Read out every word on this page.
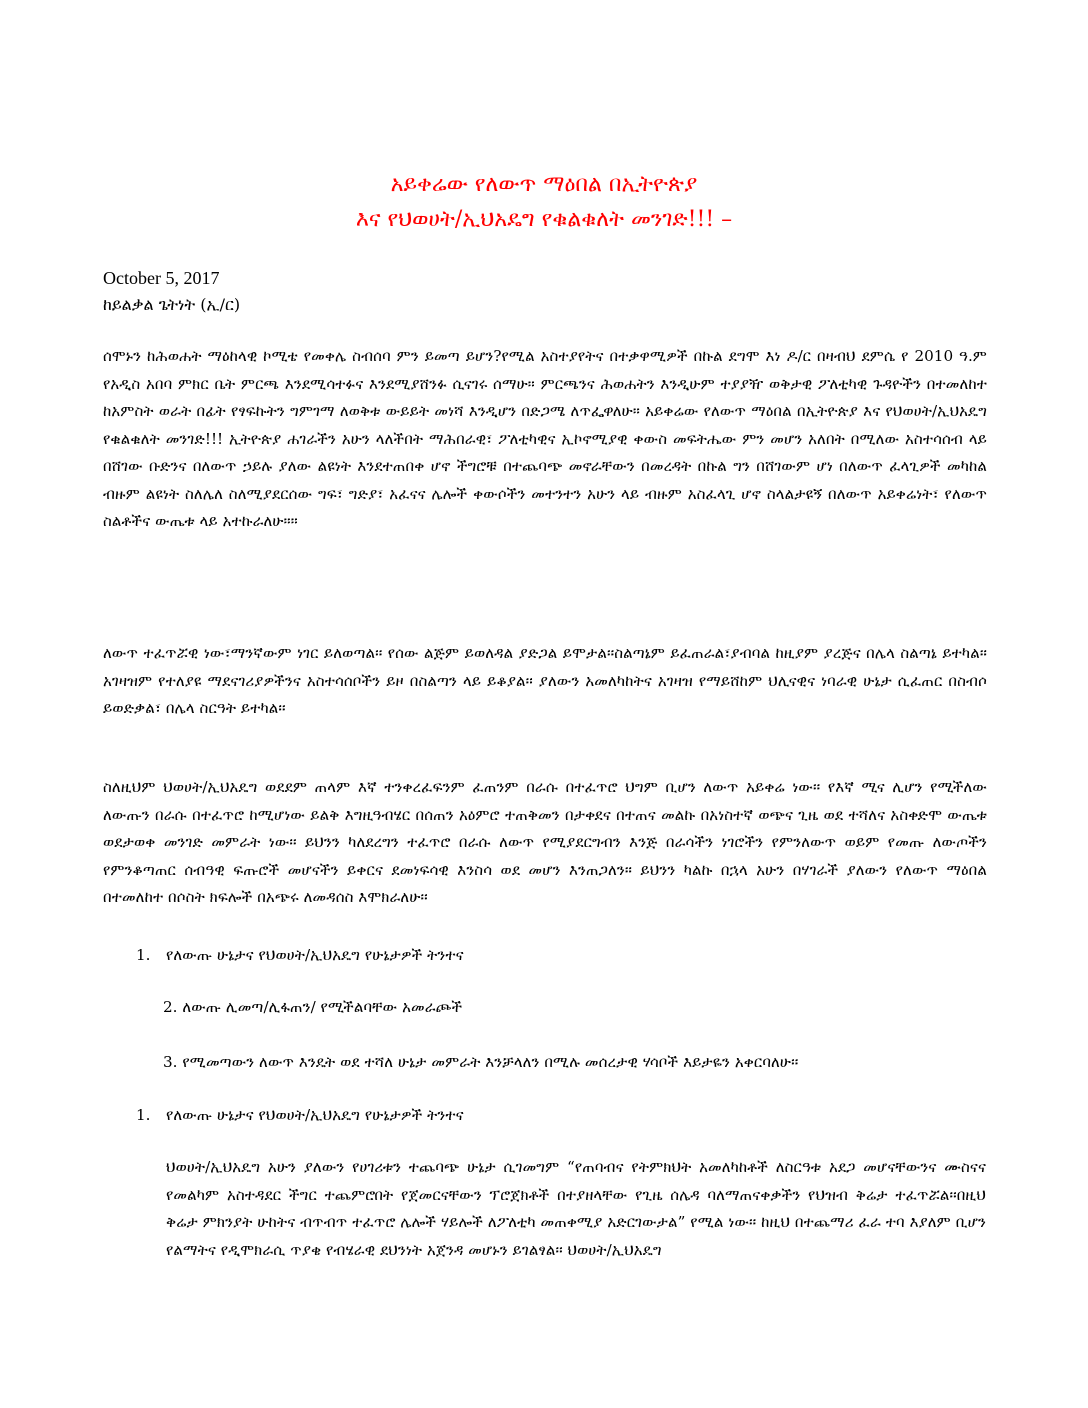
አይቀሬው የለውጥ ማዕበል በኢትዮጵያ
እና የህወሀት/ኢህአዴግ የቁልቁለት መንገድ!!! –
October 5, 2017
ከይልቃል ጌትነት (ኢ/ር)
ሰሞኑን ከሕወሐት ማዕከላዊ ኮሚቴ የመቀሌ ስብሰባ ምን ይመጣ ይሆን?የሚል አስተያየትና በተቃዋሚዎች በኩል ደግሞ እነ ዶ/ር በዛብህ ደምሴ የ 2010 ዓ.ም የአዲስ አበባ ምክር ቤት ምርጫ እንደሚሳተፉና እንደሚያሸንፉ ሲናገሩ ሰማሁ። ምርጫንና ሕወሐትን እንዲሁም ተያያዥ ወቅታዊ ፖለቲካዊ ጉዳዮችን በተመለከተ ከአምስት ወራት በፊት የፃፍኩትን ግምገማ ለወቅቱ ውይይት መነሻ እንዲሆን በድጋሜ ለጥፌዋለሁ። አይቀሬው የለውጥ ማዕበል በኢትዮጵያ እና የህወሀት/ኢህአዴግ የቁልቁለት መንገድ!!! ኢትዮጵያ ሐገራችን አሁን ላለችበት ማሕበራዊ፣ ፖለቲካዊና ኢኮኖሚያዊ ቀውስ መፍትሔው ምን መሆን አለበት በሚለው አስተሳሰብ ላይ በሸገው ቡድንና በለውጥ ኃይሉ ያለው ልዩነት እንደተጠበቀ ሆኖ ችግሮቹ በተጨባጭ መኖራቸውን በመረዳት በኩል ግን በሸገውም ሆነ በለውጥ ፈላጊዎች መካከል ብዙም ልዩነት ስለሌለ ስለሚያደርሰው ግፍ፣ ግድያ፣ አፈናና ሌሎች ቀውሶችን መተንተን አሁን ላይ ብዙም አስፈላጊ ሆኖ ስላልታዩኝ በለውጥ አይቀሬነት፣ የለውጥ ስልቶችና ውጤቱ ላይ አተኩራለሁ።።
ለውጥ ተፈጥሯዊ ነው፣ማንኛውም ነገር ይለወጣል፡፡ የሰው ልጅም ይወለዳል ያድጋል ይሞታል፡፡ስልጣኔም ይፈጠራል፣ያብባል ከዚያም ያረጅና በሌላ ስልጣኔ ይተካል፡፡ አገዛዝም የተለያዩ ማደናገሪያዎችንና አስተሳሰቦችን ይዞ በስልጣን ላይ ይቆያል፡፡ ያለውን አመለካከትና አገዛዝ የማይሸከም ህሊናዊና ነባራዊ ሁኔታ ሲፈጠር በስብሶ ይወድቃል፣ በሌላ ስርዓት ይተካል፡፡
ስለዚህም ህወሀት/ኢህአዴግ ወደደም ጠላም እኛ ተንቀረፈፍንም ፈጠንም በራሱ በተፈጥሮ ህግም ቢሆን ለውጥ አይቀሬ ነው፡፡ የእኛ ሚና ሊሆን የሚችለው ለውጡን በራሱ በተፈጥሮ ከሚሆነው ይልቅ እግዚዓብሄር በሰጠን አዕምሮ ተጠቅመን በታቀደና በተጠና መልኩ በአነስተኛ ወጭና ጊዜ ወደ ተሻለና አስቀድሞ ውጤቱ ወደታወቀ መንገድ መምራት ነው፡፡ ይህንን ካለደረግን ተፈጥሮ በራሱ ለውጥ የሚያደርግብን እንጅ በራሳችን ነገሮችን የምንለውጥ ወይም የመጡ ለውጦችን የምንቆጣጠር ሰብዓዊ ፍጡሮች መሆናችን ይቀርና ደመነፍሳዊ እንስሳ ወደ መሆን እንጠጋለን፡፡ ይህንን ካልኩ በኋላ አሁን በሃገራች ያለውን የለውጥ ማዕበል በተመለከተ በሶስት ክፍሎች በአጭሩ ለመዳሰስ እሞክራለሁ፡፡
1. የለውጡ ሁኔታና የህወሀት/ኢህአዴግ የሁኔታዎች ትንተና
2. ለውጡ ሊመጣ/ሊፋጠን/ የሚችልባቸው አመራጮች
3. የሚመጣውን ለውጥ እንዴት ወደ ተሻለ ሁኔታ መምራት እንቻላለን በሚሉ መሰረታዊ ሃሳቦች እይታዬን አቀርባለሁ፡፡
1. የለውጡ ሁኔታና የህወሀት/ኢህአዴግ የሁኔታዎች ትንተና
ህወሀት/ኢህአዴግ አሁን ያለውን የሀገሪቱን ተጨባጭ ሁኔታ ሲገመግም “የጠባብና የትምክህት አመለካከቶች ለስርዓቱ አደጋ መሆናቸውንና ሙስናና የመልካም አስተዳደር ችግር ተጨምሮበት የጀመርናቸውን ፕሮጀክቶች በተያዘላቸው የጊዜ ሰሌዳ ባለማጠናቀቃችን የህዝብ ቅሬታ ተፈጥሯል፡፡በዚህ ቅሬታ ምክንያት ሁከትና ብጥብጥ ተፈጥሮ ሌሎች ሃይሎች ለፖለቲካ መጠቀሚያ አድርገውታል” የሚል ነው፡፡ ከዚህ በተጨማሪ ፈራ ተባ እያለም ቢሆን የልማትና የዲሞክራሲ ጥያቄ የብሄራዊ ደህንነት አጀንዳ መሆኑን ይገልፃል፡፡ ህወሀት/ኢህአዴግ
